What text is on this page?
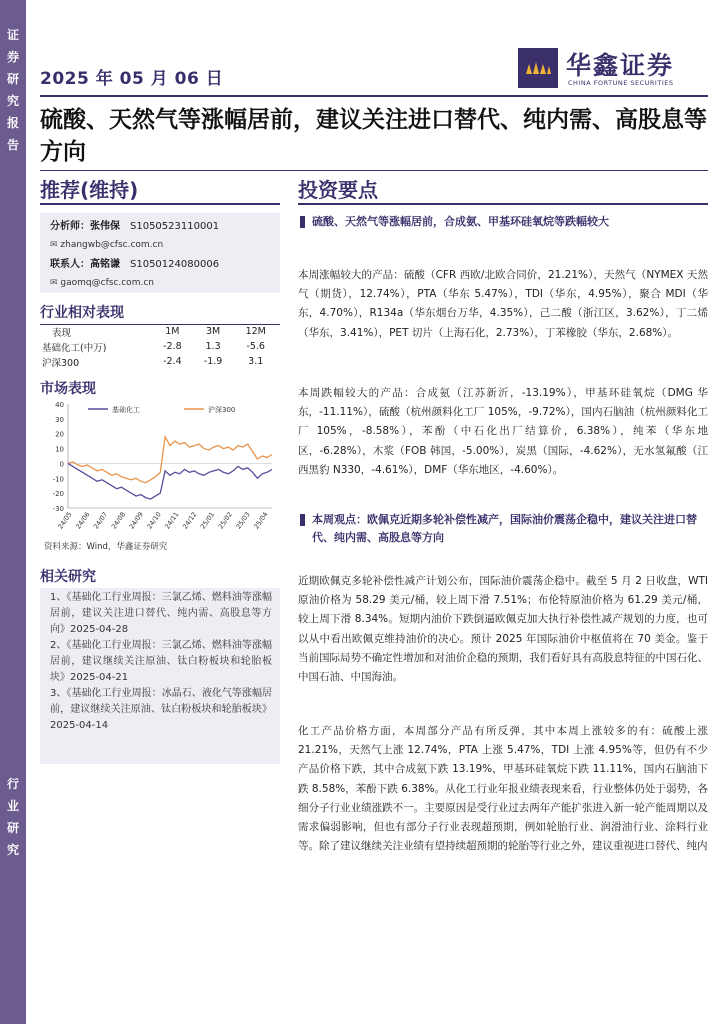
证
券
研
究
报
告
行
业
研
究
2025 年 05 月 06 日	华鑫证券
CHINA FORTUNE SECURITIES
硫酸、天然气等涨幅居前，建议关注进口替代、纯内需、高股息等方向
推荐(维持)	投资要点
分析师：张伟保 S1050523110001
✉ zhangwb@cfsc.com.cn
联系人：高铭谦 S1050124080006
✉ gaomq@cfsc.com.cn
行业相对表现
表现	1M	3M	12M
基础化工(中万)	-2.8	1.3	-5.6
沪深300	-2.4	-1.9	3.1
市场表现
40
30
20
10
0
-10
-20
-30
24/05 24/06 24/07 24/08 24/09 24/10 24/11 24/12 25/01 25/02 25/03 25/04
基础化工	沪深300
资料来源：Wind，华鑫证券研究
相关研究
1、《基础化工行业周报：三氯乙烯、燃料油等涨幅居前，建议关注进口替代、纯内需、高股息等方向》2025-04-28
2、《基础化工行业周报：三氯乙烯、燃料油等涨幅居前，建议继续关注原油、钛白粉板块和轮胎板块》2025-04-21
3、《基础化工行业周报：冰晶石、液化气等涨幅居前，建议继续关注原油、钛白粉板块和轮胎板块》2025-04-14
硫酸、天然气等涨幅居前，合成氨、甲基环硅氧烷等跌幅较大
本周涨幅较大的产品：硫酸（CFR 西欧/北欧合同价，21.21%），天然气（NYMEX 天然气（期货），12.74%），PTA（华东 5.47%），TDI（华东，4.95%），聚合 MDI（华东，4.70%），R134a（华东烟台万华，4.35%），己二酸（浙江区，3.62%），丁二烯（华东，3.41%），PET 切片（上海石化，2.73%），丁苯橡胶（华东，2.68%）。
本周跌幅较大的产品：合成氨（江苏新沂，-13.19%），甲基环硅氧烷（DMG 华东，-11.11%），硫酸（杭州颜料化工厂 105%，-9.72%），国内石脑油（杭州颜料化工厂 105%，-8.58%），苯酚（中石化出厂结算价，6.38%），纯苯（华东地区，-6.28%），木浆（FOB 韩国，-5.00%），炭黑（国际，-4.62%），无水氢氟酸（江西黑豹 N330，-4.61%），DMF（华东地区，-4.60%）。
本周观点：欧佩克近期多轮补偿性减产，国际油价震荡企稳中，建议关注进口替代、纯内需、高股息等方向
近期欧佩克多轮补偿性减产计划公布，国际油价震荡企稳中。截至 5 月 2 日收盘，WTI 原油价格为 58.29 美元/桶，较上周下滑 7.51%；布伦特原油价格为 61.29 美元/桶，较上周下滑 8.34%。短期内油价下跌倒逼欧佩克加大执行补偿性减产规划的力度，也可以从中看出欧佩克维持油价的决心。预计 2025 年国际油价中枢值将在 70 美金。鉴于当前国际局势不确定性增加和对油价企稳的预期，我们看好具有高股息特征的中国石化、中国石油、中国海油。
化工产品价格方面，本周部分产品有所反弹，其中本周上涨较多的有：硫酸上涨 21.21%，天然气上涨 12.74%，PTA 上涨 5.47%，TDI 上涨 4.95%等，但仍有不少产品价格下跌，其中合成氨下跌 13.19%，甲基环硅氧烷下跌 11.11%，国内石脑油下跌 8.58%，苯酚下跌 6.38%。从化工行业年报业绩表现来看，行业整体仍处于弱势，各细分子行业业绩涨跌不一。主要原因是受行业过去两年产能扩张进入新一轮产能周期以及需求偏弱影响，但也有部分子行业表现超预期，例如轮胎行业、润滑油行业、涂料行业等。除了建议继续关注业绩有望持续超预期的轮胎等行业之外，建议重视进口替代、纯内
